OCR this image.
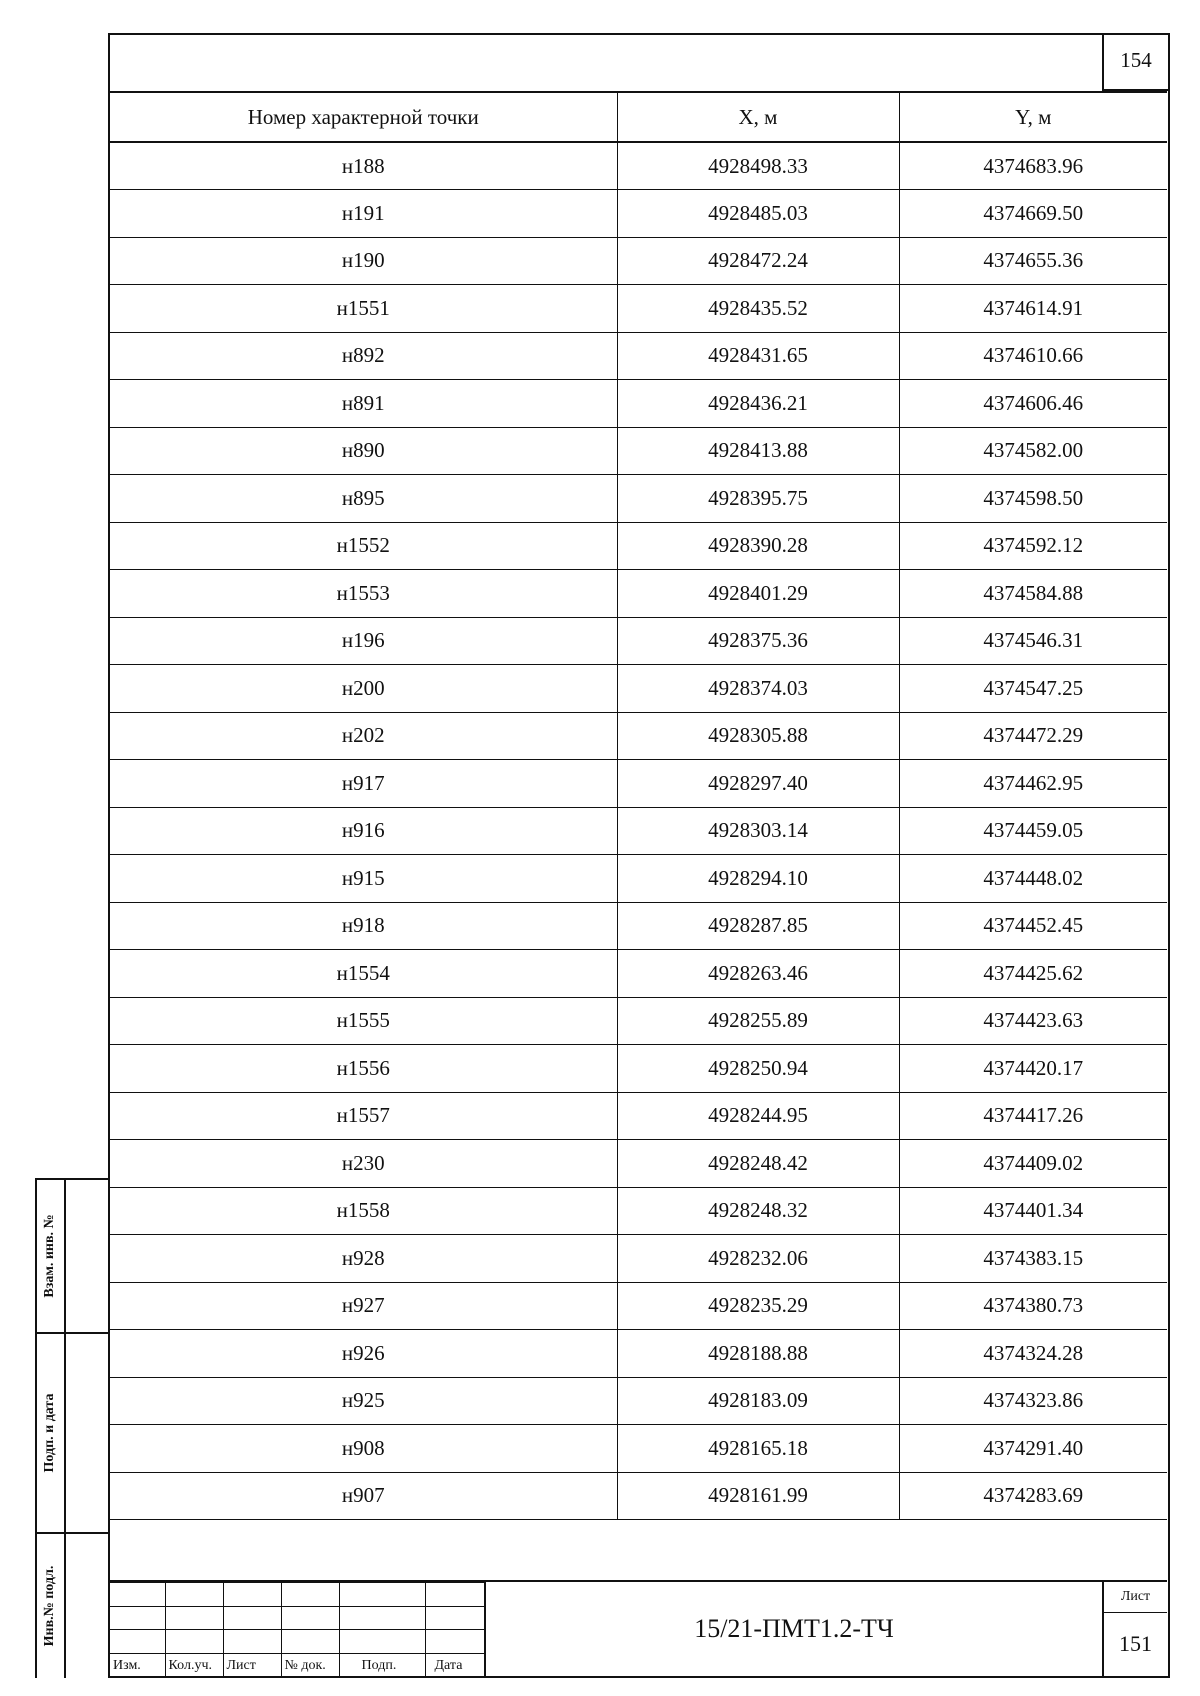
154
Номер характерной точки	X, м	Y, м
н188	4928498.33	4374683.96
н191	4928485.03	4374669.50
н190	4928472.24	4374655.36
н1551	4928435.52	4374614.91
н892	4928431.65	4374610.66
н891	4928436.21	4374606.46
н890	4928413.88	4374582.00
н895	4928395.75	4374598.50
н1552	4928390.28	4374592.12
н1553	4928401.29	4374584.88
н196	4928375.36	4374546.31
н200	4928374.03	4374547.25
н202	4928305.88	4374472.29
н917	4928297.40	4374462.95
н916	4928303.14	4374459.05
н915	4928294.10	4374448.02
н918	4928287.85	4374452.45
н1554	4928263.46	4374425.62
н1555	4928255.89	4374423.63
н1556	4928250.94	4374420.17
н1557	4928244.95	4374417.26
н230	4928248.42	4374409.02
н1558	4928248.32	4374401.34
н928	4928232.06	4374383.15
н927	4928235.29	4374380.73
н926	4928188.88	4374324.28
н925	4928183.09	4374323.86
н908	4928165.18	4374291.40
н907	4928161.99	4374283.69

Изм.	Кол.уч.	Лист	№ док.	Подп.	Дата
15/21-ПМТ1.2-ТЧ
Лист
151
Взам. инв. №
Подп. и дата
Инв.№ подл.
